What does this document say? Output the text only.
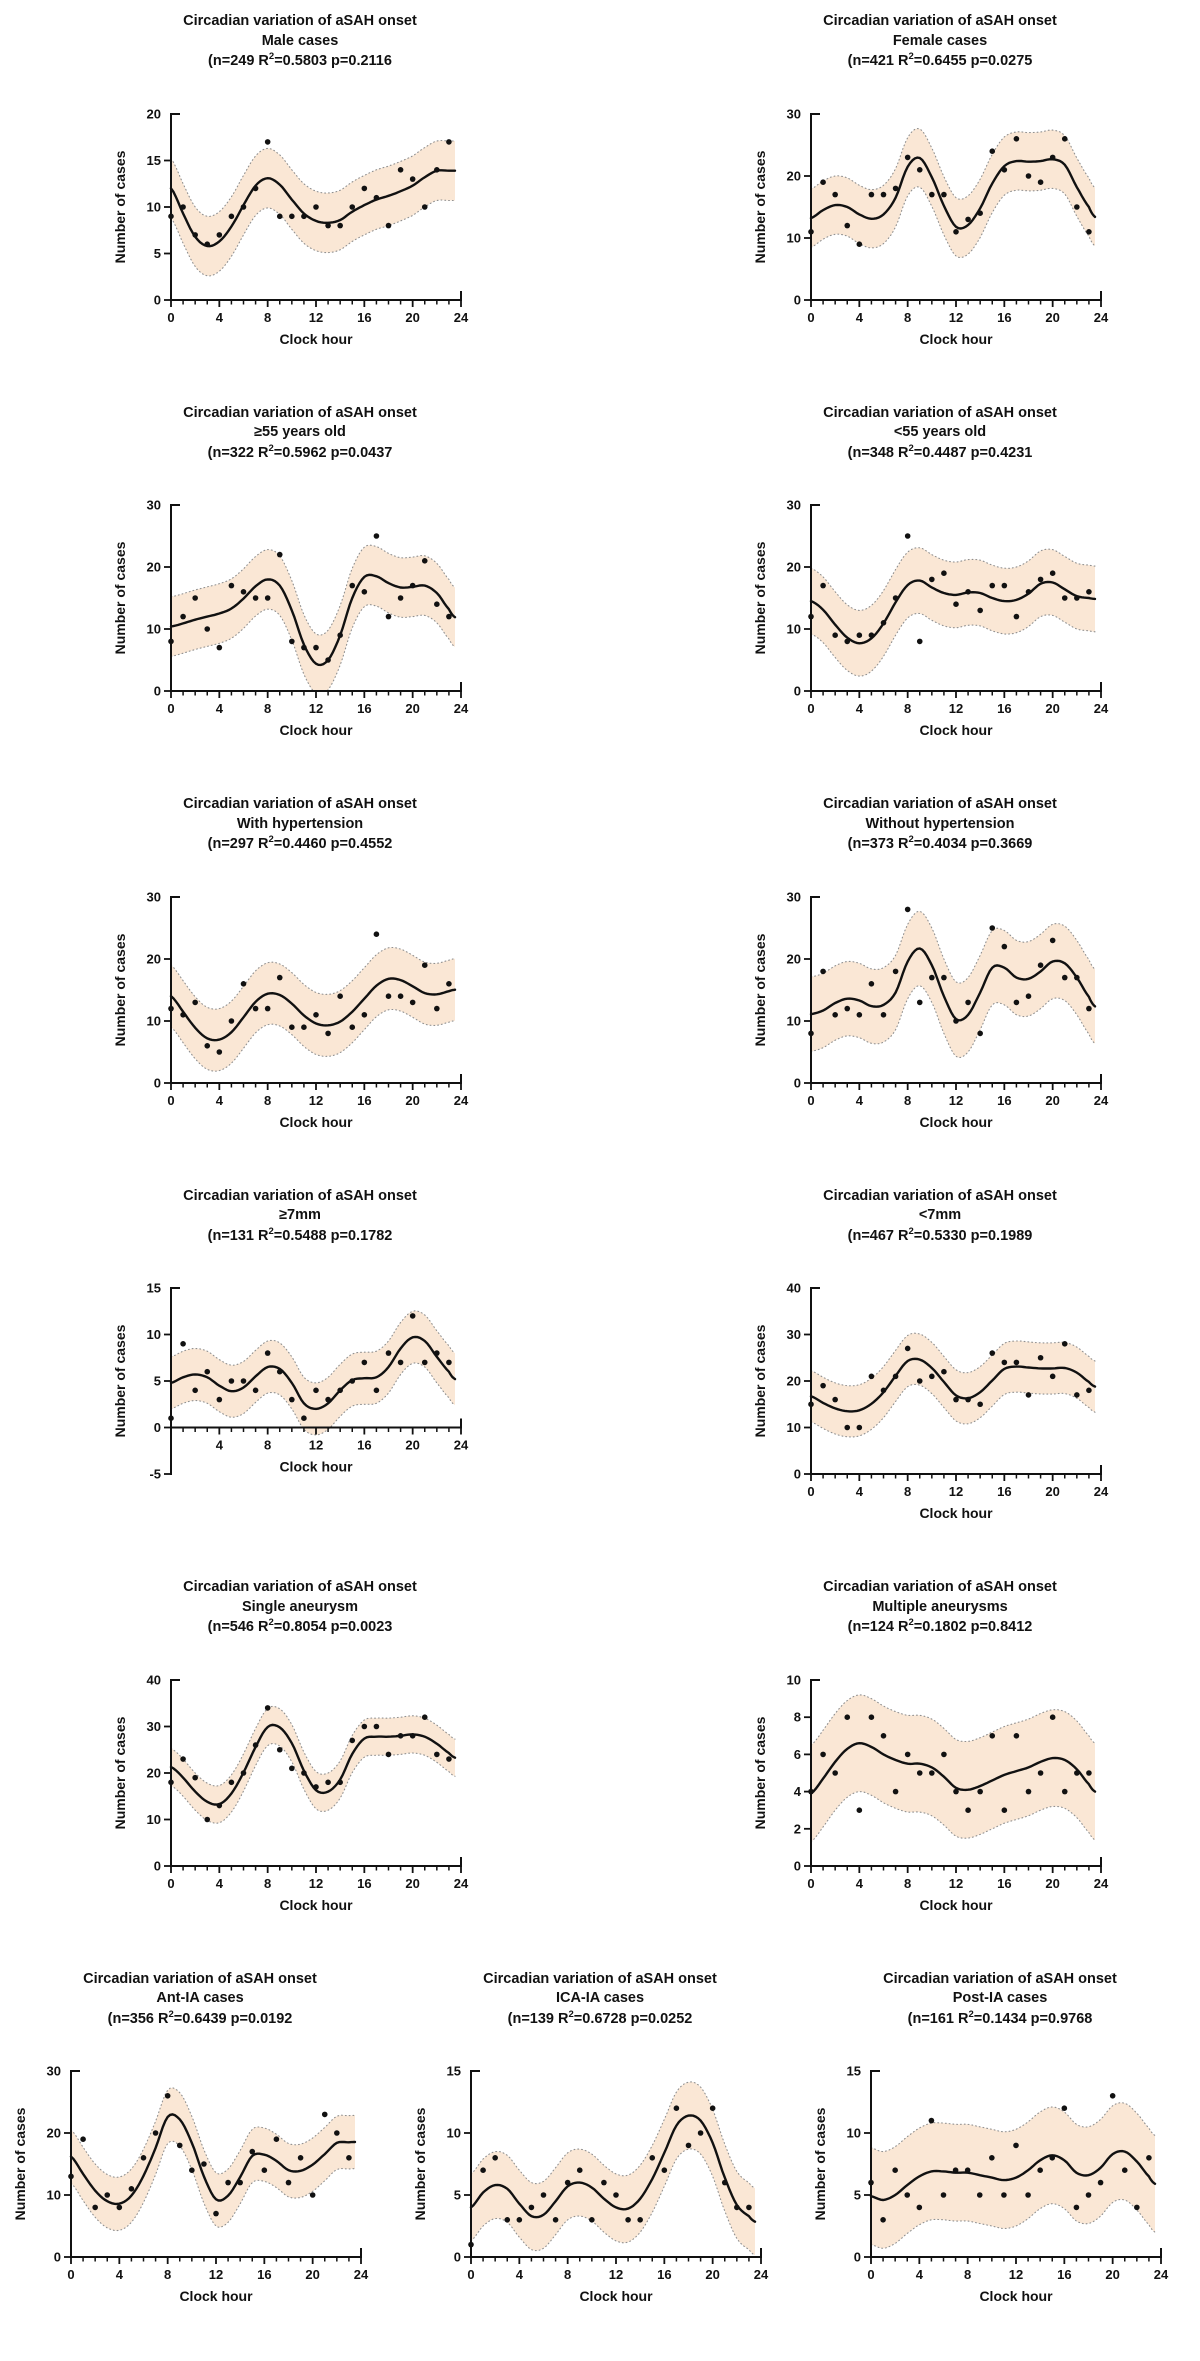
Circadian variation of aSAH onset
Male cases
(n=249 $R^2=0.5803$ p=0.2116
0
5
10
15
20
0	4	8	12	16	20	24
Number of cases
Clock hour
Circadian variation of aSAH onset
Female cases
(n=421 $R^2=0.6455$ p=0.0275
0
10
20
30
0	4	8	12	16	20	24
Number of cases
Clock hour
Circadian variation of aSAH onset
≥55 years old
(n=322 $R^2=0.5962$ p=0.0437
0
10
20
30
0	4	8	12	16	20	24
Number of cases
Clock hour
Circadian variation of aSAH onset
<55 years old
(n=348 $R^2=0.4487$ p=0.4231
0
10
20
30
0	4	8	12	16	20	24
Number of cases
Clock hour
Circadian variation of aSAH onset
With hypertension
(n=297 $R^2=0.4460$ p=0.4552
0
10
20
30
0	4	8	12	16	20	24
Number of cases
Clock hour
Circadian variation of aSAH onset
Without hypertension
(n=373 $R^2=0.4034$ p=0.3669
0
10
20
30
0	4	8	12	16	20	24
Number of cases
Clock hour
Circadian variation of aSAH onset
≥7mm
(n=131 $R^2=0.5488$ p=0.1782
-5
0
5
10
15
4	8	12	16	20	24
Number of cases
Clock hour
Circadian variation of aSAH onset
<7mm
(n=467 $R^2=0.5330$ p=0.1989
0
10
20
30
40
0	4	8	12	16	20	24
Number of cases
Clock hour
Circadian variation of aSAH onset
Single aneurysm
(n=546 $R^2=0.8054$ p=0.0023
0
10
20
30
40
0	4	8	12	16	20	24
Number of cases
Clock hour
Circadian variation of aSAH onset
Multiple aneurysms
(n=124 $R^2=0.1802$ p=0.8412
0
2
4
6
8
10
0	4	8	12	16	20	24
Number of cases
Clock hour
Circadian variation of aSAH onset
Ant-IA cases
(n=356 $R^2=0.6439$ p=0.0192
0
10
20
30
0	4	8	12	16	20	24
Number of cases
Clock hour
Circadian variation of aSAH onset
ICA-IA cases
(n=139 $R^2=0.6728$ p=0.0252
0
5
10
15
0	4	8	12	16	20	24
Number of cases
Clock hour
Circadian variation of aSAH onset
Post-IA cases
(n=161 $R^2=0.1434$ p=0.9768
0
5
10
15
0	4	8	12	16	20	24
Number of cases
Clock hour
